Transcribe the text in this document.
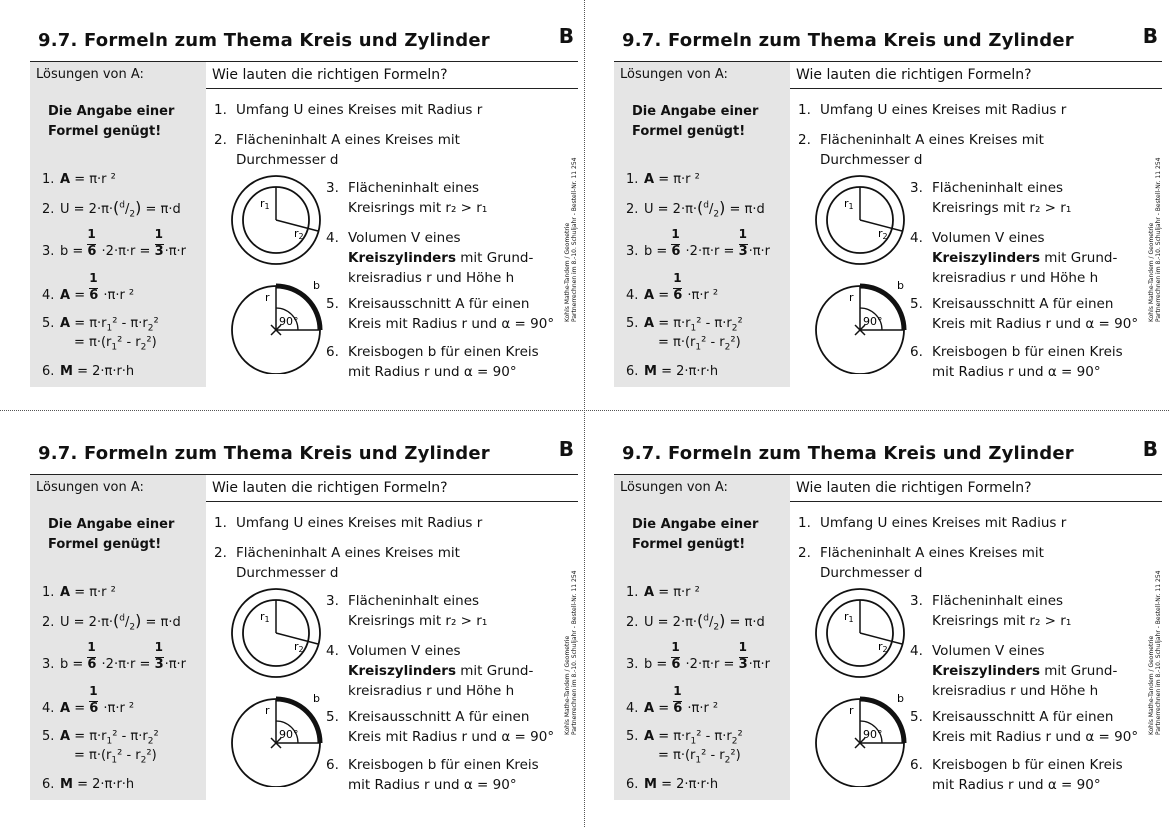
9.7. Formeln zum Thema Kreis und Zylinder	B
Lösungen von A:	Wie lauten die richtigen Formeln?
Die Angabe einer Formel genügt!
1. A = π·r ²
2. $U = 2\cdot\pi\cdot(^d/_2) = \pi\cdot d$
3. $b = \frac{1}{6} \cdot 2\cdot\pi\cdot r = \frac{1}{3}\cdot\pi\cdot r$
4. $A = \frac{1}{6} \cdot\pi\cdot r$ ²
5. $A = \pi\cdot r_1^2 - \pi\cdot r_2^2$
= $\pi\cdot(r_1^2 - r_2^2)$
6. M = 2·π·r·h
1. Umfang U eines Kreises mit Radius r
2. Flächeninhalt A eines Kreises mit
Durchmesser d
3. Flächeninhalt eines
Kreisrings mit r₂ > r₁
4. Volumen V eines
Kreiszylinders mit Grund-
kreisradius r und Höhe h
5. Kreisausschnitt A für einen
Kreis mit Radius r und α = 90°
6. Kreisbogen b für einen Kreis
mit Radius r und α = 90°
r1
r2
r
b
90°	Kohls Mathe-Tandem / Geometrie Partnerrechnen im 8.-10. Schuljahr - Bestell-Nr. 11 254
9.7. Formeln zum Thema Kreis und Zylinder	B
Lösungen von A:	Wie lauten die richtigen Formeln?
Die Angabe einer Formel genügt!
1. A = π·r ²
2. $U = 2\cdot\pi\cdot(^d/_2) = \pi\cdot d$
3. $b = \frac{1}{6} \cdot 2\cdot\pi\cdot r = \frac{1}{3}\cdot\pi\cdot r$
4. $A = \frac{1}{6} \cdot\pi\cdot r$ ²
5. $A = \pi\cdot r_1^2 - \pi\cdot r_2^2$
= $\pi\cdot(r_1^2 - r_2^2)$
6. M = 2·π·r·h
1. Umfang U eines Kreises mit Radius r
2. Flächeninhalt A eines Kreises mit
Durchmesser d
3. Flächeninhalt eines
Kreisrings mit r₂ > r₁
4. Volumen V eines
Kreiszylinders mit Grund-
kreisradius r und Höhe h
5. Kreisausschnitt A für einen
Kreis mit Radius r und α = 90°
6. Kreisbogen b für einen Kreis
mit Radius r und α = 90°
r1
r2
r
b
90°	Kohls Mathe-Tandem / Geometrie Partnerrechnen im 8.-10. Schuljahr - Bestell-Nr. 11 254
9.7. Formeln zum Thema Kreis und Zylinder	B
Lösungen von A:	Wie lauten die richtigen Formeln?
Die Angabe einer Formel genügt!
1. A = π·r ²
2. $U = 2\cdot\pi\cdot(^d/_2) = \pi\cdot d$
3. $b = \frac{1}{6} \cdot 2\cdot\pi\cdot r = \frac{1}{3}\cdot\pi\cdot r$
4. $A = \frac{1}{6} \cdot\pi\cdot r$ ²
5. $A = \pi\cdot r_1^2 - \pi\cdot r_2^2$
= $\pi\cdot(r_1^2 - r_2^2)$
6. M = 2·π·r·h
1. Umfang U eines Kreises mit Radius r
2. Flächeninhalt A eines Kreises mit
Durchmesser d
3. Flächeninhalt eines
Kreisrings mit r₂ > r₁
4. Volumen V eines
Kreiszylinders mit Grund-
kreisradius r und Höhe h
5. Kreisausschnitt A für einen
Kreis mit Radius r und α = 90°
6. Kreisbogen b für einen Kreis
mit Radius r und α = 90°
r1
r2
r
b
90°	Kohls Mathe-Tandem / Geometrie Partnerrechnen im 8.-10. Schuljahr - Bestell-Nr. 11 254
9.7. Formeln zum Thema Kreis und Zylinder	B
Lösungen von A:	Wie lauten die richtigen Formeln?
Die Angabe einer Formel genügt!
1. A = π·r ²
2. $U = 2\cdot\pi\cdot(^d/_2) = \pi\cdot d$
3. $b = \frac{1}{6} \cdot 2\cdot\pi\cdot r = \frac{1}{3}\cdot\pi\cdot r$
4. $A = \frac{1}{6} \cdot\pi\cdot r$ ²
5. $A = \pi\cdot r_1^2 - \pi\cdot r_2^2$
= $\pi\cdot(r_1^2 - r_2^2)$
6. M = 2·π·r·h
1. Umfang U eines Kreises mit Radius r
2. Flächeninhalt A eines Kreises mit
Durchmesser d
3. Flächeninhalt eines
Kreisrings mit r₂ > r₁
4. Volumen V eines
Kreiszylinders mit Grund-
kreisradius r und Höhe h
5. Kreisausschnitt A für einen
Kreis mit Radius r und α = 90°
6. Kreisbogen b für einen Kreis
mit Radius r und α = 90°
r1
r2
r
b
90°	Kohls Mathe-Tandem / Geometrie Partnerrechnen im 8.-10. Schuljahr - Bestell-Nr. 11 254
